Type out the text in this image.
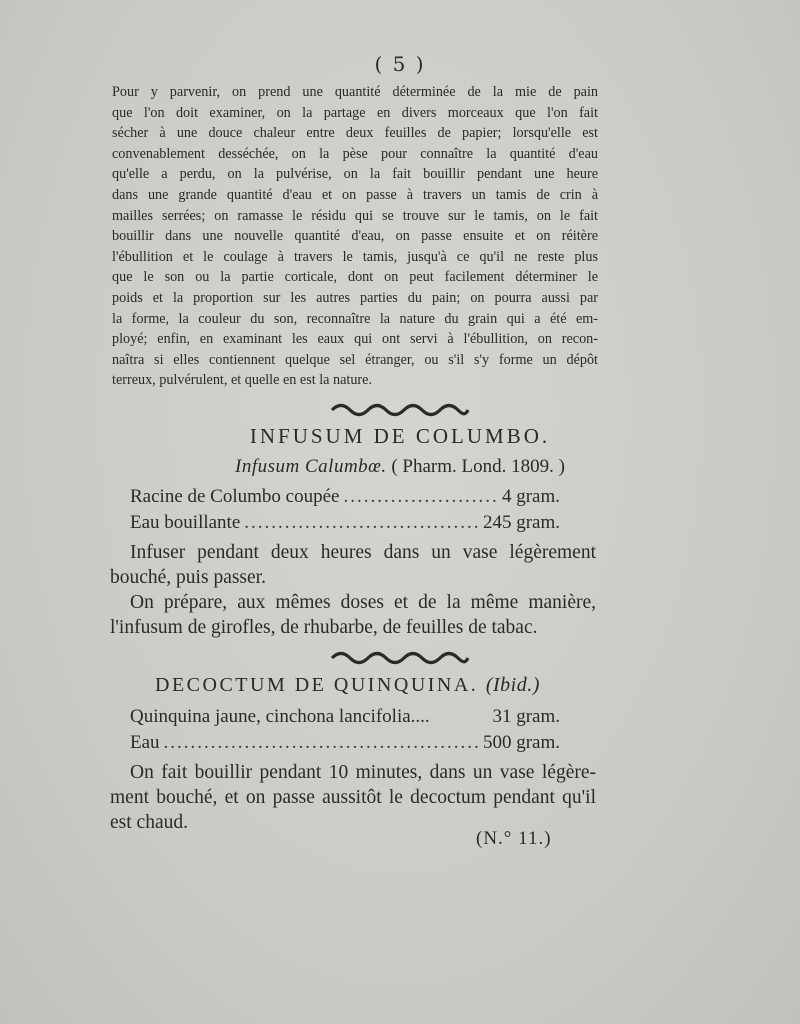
( 5 )
Pour y parvenir, on prend une quantité déterminée de la mie de pain
que l'on doit examiner, on la partage en divers morceaux que l'on fait
sécher à une douce chaleur entre deux feuilles de papier; lorsqu'elle est
convenablement desséchée, on la pèse pour connaître la quantité d'eau
qu'elle a perdu, on la pulvérise, on la fait bouillir pendant une heure
dans une grande quantité d'eau et on passe à travers un tamis de crin à
mailles serrées; on ramasse le résidu qui se trouve sur le tamis, on le fait
bouillir dans une nouvelle quantité d'eau, on passe ensuite et on réitère
l'ébullition et le coulage à travers le tamis, jusqu'à ce qu'il ne reste plus
que le son ou la partie corticale, dont on peut facilement déterminer le
poids et la proportion sur les autres parties du pain; on pourra aussi par
la forme, la couleur du son, reconnaître la nature du grain qui a été em-
ployé; enfin, en examinant les eaux qui ont servi à l'ébullition, on recon-
naîtra si elles contiennent quelque sel étranger, ou s'il s'y forme un dépôt
terreux, pulvérulent, et quelle en est la nature.
INFUSUM DE COLUMBO.
Infusum Calumbœ. ( Pharm. Lond. 1809. )
Racine de Columbo coupée .....	4 gram.
Eau bouillante .....	245 gram.
Infuser pendant deux heures dans un vase légèrement
bouché, puis passer.
On prépare, aux mêmes doses et de la même manière,
l'infusum de girofles, de rhubarbe, de feuilles de tabac.
DECOCTUM DE QUINQUINA. (Ibid.)
Quinquina jaune, cinchona lancifolia....	31 gram.
Eau .....	500 gram.
On fait bouillir pendant 10 minutes, dans un vase légère-
ment bouché, et on passe aussitôt le decoctum pendant qu'il
est chaud.
(N.° 11.)
